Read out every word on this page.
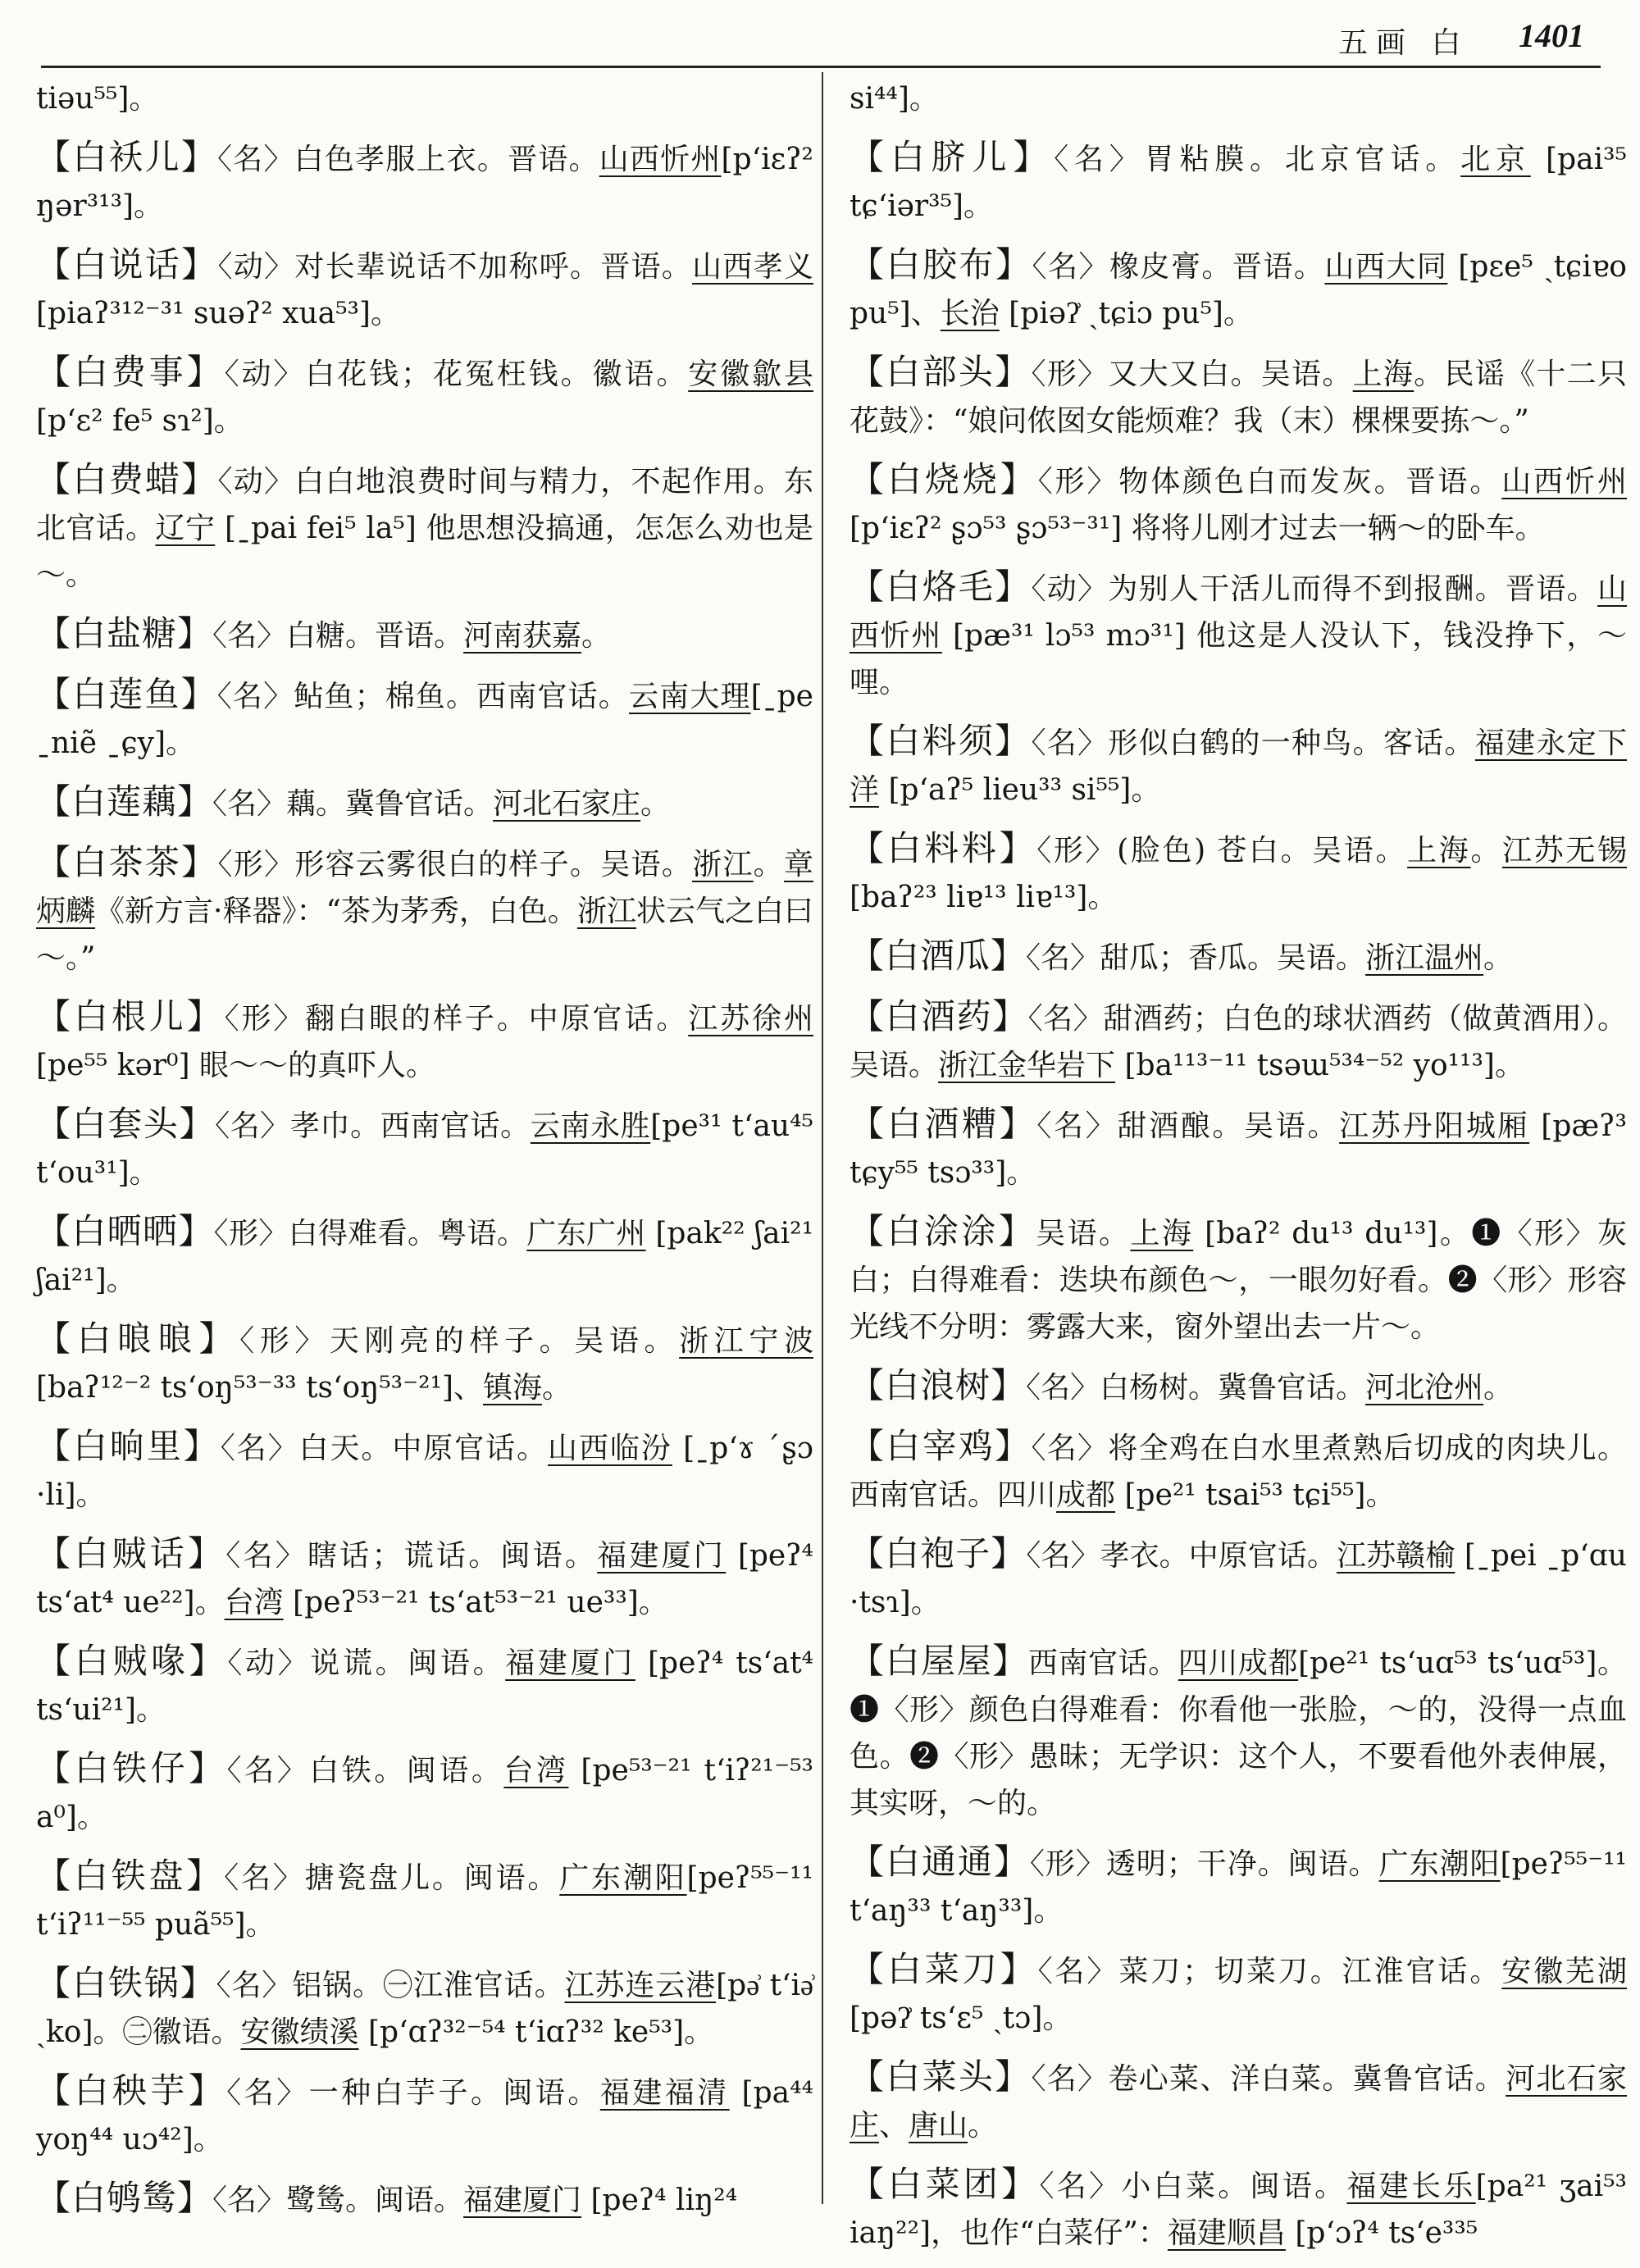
五画 白 1401

tiəu⁵⁵]。

【白袄儿】〈名〉白色孝服上衣。晋语。山西忻州[pʻiɛʔ² ŋər³¹³]。

【白说话】〈动〉对长辈说话不加称呼。晋语。山西孝义 [piaʔ³¹²⁻³¹ suəʔ² xua⁵³]。

【白费事】〈动〉白花钱；花冤枉钱。徽语。安徽歙县 [pʻɛ² fe⁵ sɿ²]。

【白费蜡】〈动〉白白地浪费时间与精力，不起作用。东北官话。辽宁 [ˍpai fei⁵ la⁵] 他思想没搞通，怎怎么劝也是～。

【白盐糖】〈名〉白糖。晋语。河南获嘉。

【白莲鱼】〈名〉鲇鱼；棉鱼。西南官话。云南大理[ˍpe ˍniẽ ˍɕy]。

【白莲藕】〈名〉藕。冀鲁官话。河北石家庄。

【白茶茶】〈形〉形容云雾很白的样子。吴语。浙江。章炳麟《新方言·释器》：“茶为茅秀，白色。浙江状云气之白曰～。”

【白根儿】〈形〉翻白眼的样子。中原官话。江苏徐州 [pe⁵⁵ kər⁰] 眼～～的真吓人。

【白套头】〈名〉孝巾。西南官话。云南永胜[pe³¹ tʻau⁴⁵ tʻou³¹]。

【白晒晒】〈形〉白得难看。粤语。广东广州 [pak²² ʃai²¹ ʃai²¹]。

【白㫰㫰】〈形〉天刚亮的样子。吴语。浙江宁波 [baʔ¹²⁻² tsʻoŋ⁵³⁻³³ tsʻoŋ⁵³⁻²¹]、镇海。

【白晌里】〈名〉白天。中原官话。山西临汾 [ˍpʻɤ ˊʂɔ ·li]。

【白贼话】〈名〉瞎话；谎话。闽语。福建厦门 [peʔ⁴ tsʻat⁴ ue²²]。台湾 [peʔ⁵³⁻²¹ tsʻat⁵³⁻²¹ ue³³]。

【白贼喙】〈动〉说谎。闽语。福建厦门 [peʔ⁴ tsʻat⁴ tsʻui²¹]。

【白铁仔】〈名〉白铁。闽语。台湾 [pe⁵³⁻²¹ tʻiʔ²¹⁻⁵³ a⁰]。

【白铁盘】〈名〉搪瓷盘儿。闽语。广东潮阳[peʔ⁵⁵⁻¹¹ tʻiʔ¹¹⁻⁵⁵ puã⁵⁵]。

【白铁锅】〈名〉铝锅。㊀江淮官话。江苏连云港[pə͗ tʻiə͗ ˎko]。㊁徽语。安徽绩溪 [pʻɑʔ³²⁻⁵⁴ tʻiɑʔ³² ke⁵³]。

【白秧芋】〈名〉一种白芋子。闽语。福建福清 [pa⁴⁴ yoŋ⁴⁴ uɔ⁴²]。

【白鸲鸶】〈名〉鹭鸶。闽语。福建厦门 [peʔ⁴ liŋ²⁴

si⁴⁴]。

【白脐儿】〈名〉胃粘膜。北京官话。北京 [pai³⁵ tɕʻiər³⁵]。

【白胶布】〈名〉橡皮膏。晋语。山西大同 [pɛe⁵ ˎtɕiɐo pu⁵]、长治 [piəʔ͗ ˎtɕiɔ pu⁵]。

【白部头】〈形〉又大又白。吴语。上海。民谣《十二只花鼓》：“娘问侬囡女能烦难？我（末）棵棵要拣～。”

【白烧烧】〈形〉物体颜色白而发灰。晋语。山西忻州 [pʻiɛʔ² ʂɔ⁵³ ʂɔ⁵³⁻³¹] 将将儿刚才过去一辆～的卧车。

【白烙毛】〈动〉为别人干活儿而得不到报酬。晋语。山西忻州 [pæ³¹ lɔ⁵³ mɔ³¹] 他这是人没认下，钱没挣下，～哩。

【白料须】〈名〉形似白鹤的一种鸟。客话。福建永定下洋 [pʻaʔ⁵ lieu³³ si⁵⁵]。

【白料料】〈形〉(脸色) 苍白。吴语。上海。江苏无锡 [baʔ²³ liɐ¹³ liɐ¹³]。

【白酒瓜】〈名〉甜瓜；香瓜。吴语。浙江温州。

【白酒药】〈名〉甜酒药；白色的球状酒药（做黄酒用）。吴语。浙江金华岩下 [ba¹¹³⁻¹¹ tsəɯ⁵³⁴⁻⁵² yo¹¹³]。

【白酒糟】〈名〉甜酒酿。吴语。江苏丹阳城厢 [pæʔ³ tɕy⁵⁵ tsɔ³³]。

【白涂涂】吴语。上海 [baʔ² du¹³ du¹³]。❶〈形〉灰白；白得难看：迭块布颜色～，一眼勿好看。❷〈形〉形容光线不分明：雾露大来，窗外望出去一片～。

【白浪树】〈名〉白杨树。冀鲁官话。河北沧州。

【白宰鸡】〈名〉将全鸡在白水里煮熟后切成的肉块儿。西南官话。四川成都 [pe²¹ tsai⁵³ tɕi⁵⁵]。

【白袍子】〈名〉孝衣。中原官话。江苏赣榆 [ˍpei ˍpʻɑu ·tsɿ]。

【白屋屋】西南官话。四川成都[pe²¹ tsʻuɑ⁵³ tsʻuɑ⁵³]。❶〈形〉颜色白得难看：你看他一张脸，～的，没得一点血色。❷〈形〉愚昧；无学识：这个人，不要看他外表伸展，其实呀，～的。

【白通通】〈形〉透明；干净。闽语。广东潮阳[peʔ⁵⁵⁻¹¹ tʻaŋ³³ tʻaŋ³³]。

【白菜刀】〈名〉菜刀；切菜刀。江淮官话。安徽芜湖 [pəʔ͗ tsʻɛ⁵ ˎtɔ]。

【白菜头】〈名〉卷心菜、洋白菜。冀鲁官话。河北石家庄、唐山。

【白菜团】〈名〉小白菜。闽语。福建长乐[pa²¹ ʒai⁵³ iaŋ²²]，也作“白菜仔”：福建顺昌 [pʻɔʔ⁴ tsʻe³³⁵
